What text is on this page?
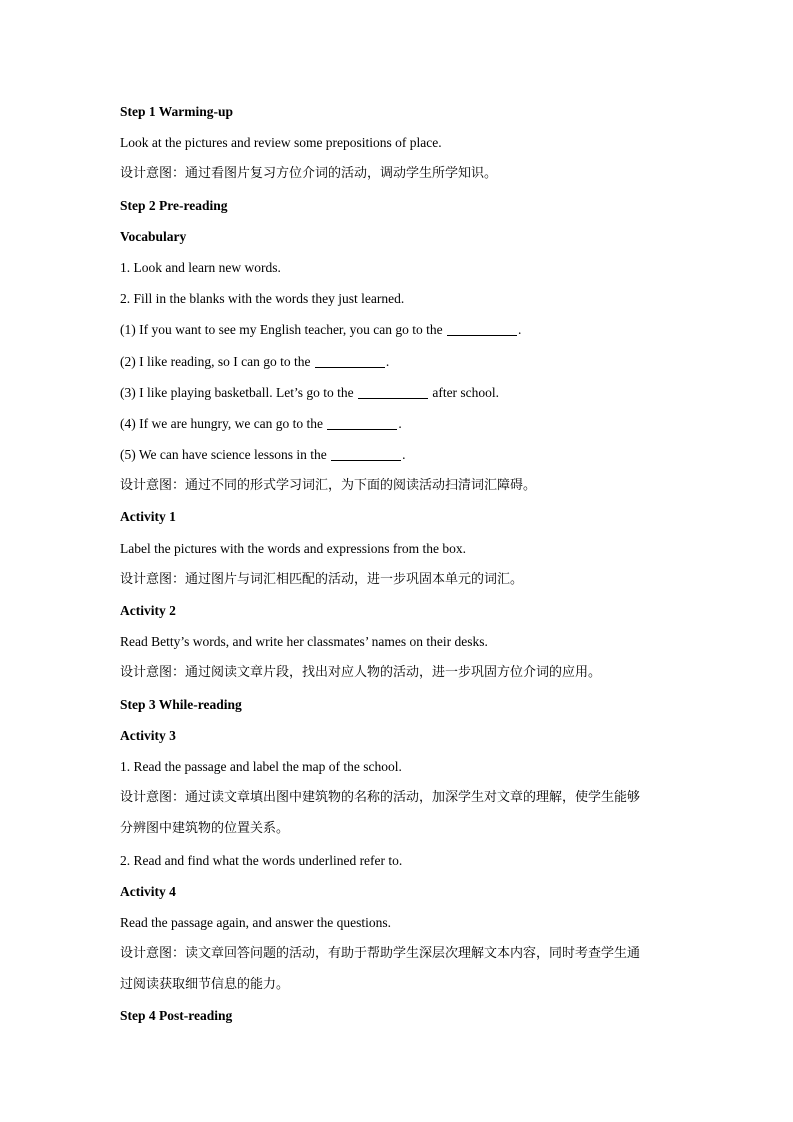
Step 1 Warming-up
Look at the pictures and review some prepositions of place.
设计意图：通过看图片复习方位介词的活动，调动学生所学知识。
Step 2 Pre-reading
Vocabulary
1. Look and learn new words.
2. Fill in the blanks with the words they just learned.
(1) If you want to see my English teacher, you can go to the	.
(2) I like reading, so I can go to the	.
(3) I like playing basketball. Let’s go to the	after school.
(4) If we are hungry, we can go to the	.
(5) We can have science lessons in the	.
设计意图：通过不同的形式学习词汇，为下面的阅读活动扫清词汇障碍。
Activity 1
Label the pictures with the words and expressions from the box.
设计意图：通过图片与词汇相匹配的活动，进一步巩固本单元的词汇。
Activity 2
Read Betty’s words, and write her classmates’ names on their desks.
设计意图：通过阅读文章片段，找出对应人物的活动，进一步巩固方位介词的应用。
Step 3 While-reading
Activity 3
1. Read the passage and label the map of the school.
设计意图：通过读文章填出图中建筑物的名称的活动，加深学生对文章的理解，使学生能够
分辨图中建筑物的位置关系。
2. Read and find what the words underlined refer to.
Activity 4
Read the passage again, and answer the questions.
设计意图：读文章回答问题的活动，有助于帮助学生深层次理解文本内容，同时考查学生通
过阅读获取细节信息的能力。
Step 4 Post-reading
